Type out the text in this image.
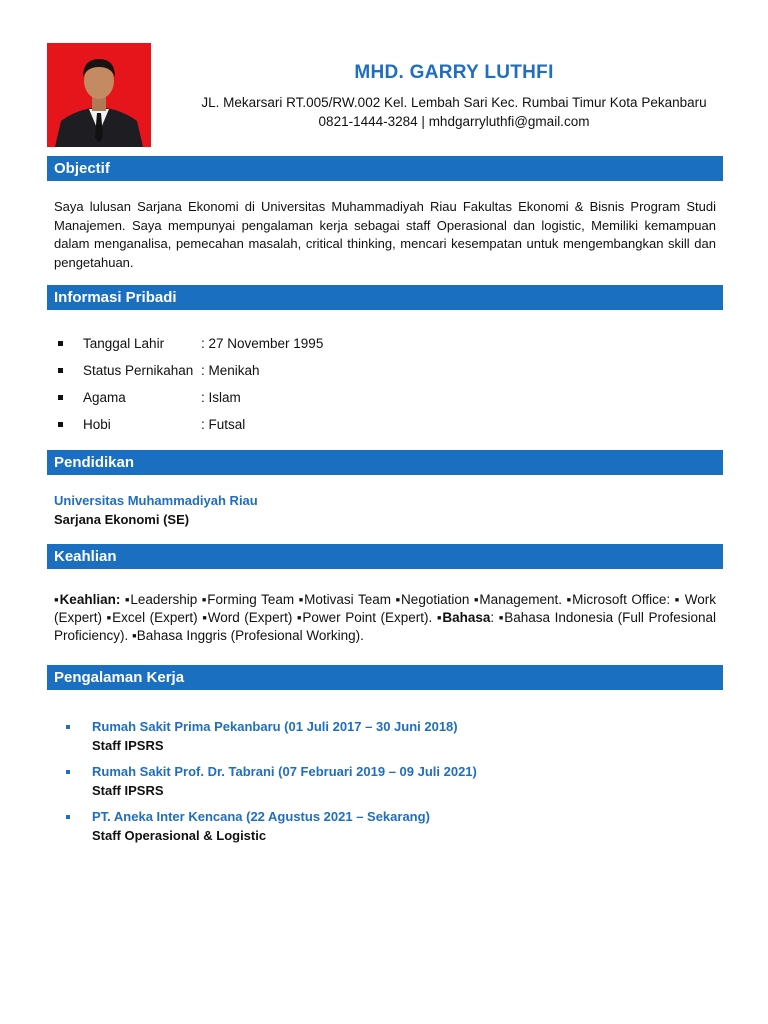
MHD. GARRY LUTHFI
JL. Mekarsari RT.005/RW.002 Kel. Lembah Sari Kec. Rumbai Timur Kota Pekanbaru
0821-1444-3284 | mhdgarryluthfi@gmail.com
Objectif
Saya lulusan Sarjana Ekonomi di Universitas Muhammadiyah Riau Fakultas Ekonomi & Bisnis Program Studi Manajemen. Saya mempunyai pengalaman kerja sebagai staff Operasional dan logistic, Memiliki kemampuan dalam menganalisa, pemecahan masalah, critical thinking, mencari kesempatan untuk mengembangkan skill dan pengetahuan.
Informasi Pribadi
Tanggal Lahir	: 27 November 1995
Status Pernikahan : Menikah
Agama	: Islam
Hobi	: Futsal
Pendidikan
Universitas Muhammadiyah Riau
Sarjana Ekonomi (SE)
Keahlian
▪Keahlian: ▪Leadership ▪Forming Team ▪Motivasi Team ▪Negotiation ▪Management. ▪Microsoft Office: ▪ Work (Expert) ▪Excel (Expert) ▪Word (Expert) ▪Power Point (Expert). ▪Bahasa: ▪Bahasa Indonesia (Full Profesional Proficiency). ▪Bahasa Inggris (Profesional Working).
Pengalaman Kerja
Rumah Sakit Prima Pekanbaru (01 Juli 2017 – 30 Juni 2018)
Staff IPSRS
Rumah Sakit Prof. Dr. Tabrani (07 Februari 2019 – 09 Juli 2021)
Staff IPSRS
PT. Aneka Inter Kencana (22 Agustus 2021 – Sekarang)
Staff Operasional & Logistic
